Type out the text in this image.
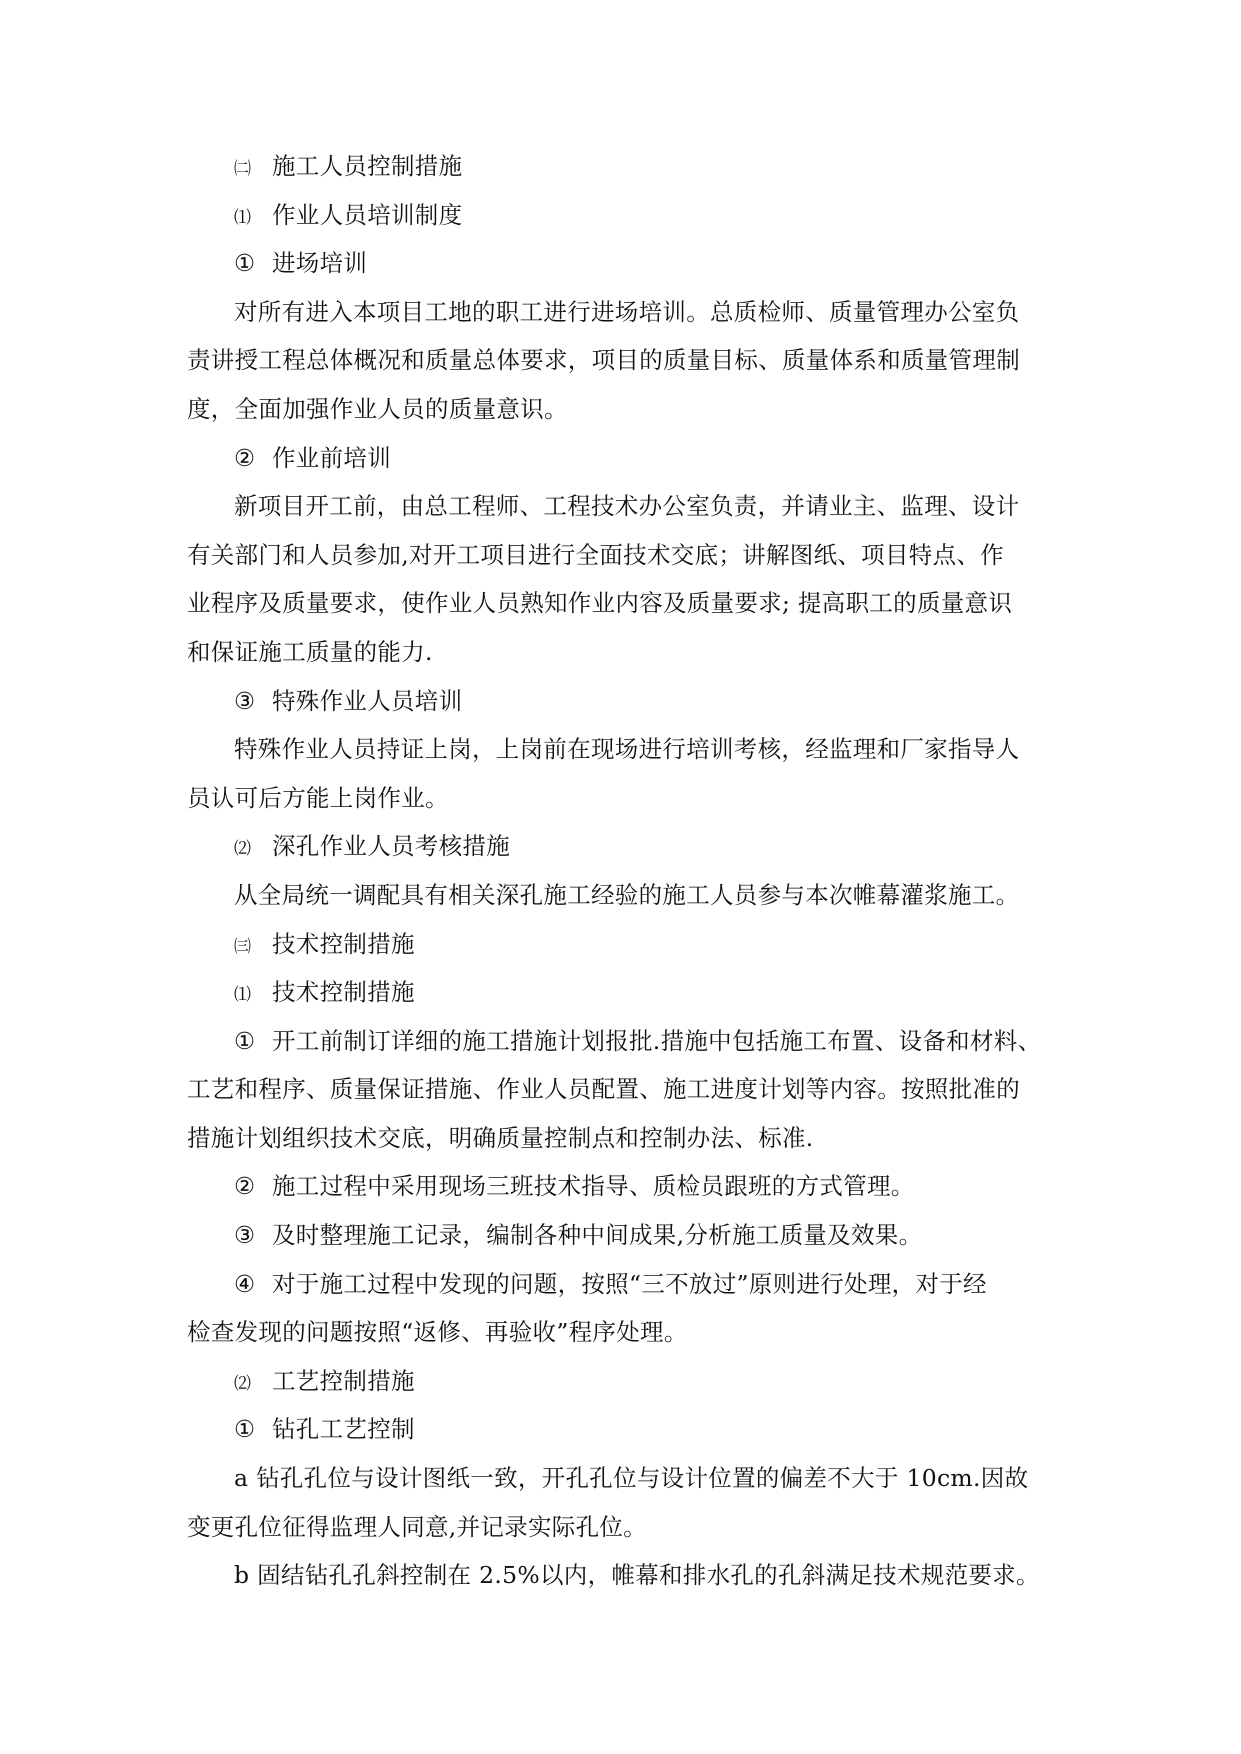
㈡ 施工人员控制措施
⑴ 作业人员培训制度
① 进场培训
对所有进入本项目工地的职工进行进场培训。总质检师、质量管理办公室负
责讲授工程总体概况和质量总体要求，项目的质量目标、质量体系和质量管理制
度，全面加强作业人员的质量意识。
② 作业前培训
新项目开工前，由总工程师、工程技术办公室负责，并请业主、监理、设计
有关部门和人员参加,对开工项目进行全面技术交底；讲解图纸、项目特点、作
业程序及质量要求，使作业人员熟知作业内容及质量要求; 提高职工的质量意识
和保证施工质量的能力.
③ 特殊作业人员培训
特殊作业人员持证上岗，上岗前在现场进行培训考核，经监理和厂家指导人
员认可后方能上岗作业。
⑵ 深孔作业人员考核措施
从全局统一调配具有相关深孔施工经验的施工人员参与本次帷幕灌浆施工。
㈢ 技术控制措施
⑴ 技术控制措施
① 开工前制订详细的施工措施计划报批.措施中包括施工布置、设备和材料、
工艺和程序、质量保证措施、作业人员配置、施工进度计划等内容。按照批准的
措施计划组织技术交底，明确质量控制点和控制办法、标准.
② 施工过程中采用现场三班技术指导、质检员跟班的方式管理。
③ 及时整理施工记录，编制各种中间成果,分析施工质量及效果。
④ 对于施工过程中发现的问题，按照“三不放过”原则进行处理，对于经
检查发现的问题按照“返修、再验收”程序处理。
⑵ 工艺控制措施
① 钻孔工艺控制
a 钻孔孔位与设计图纸一致，开孔孔位与设计位置的偏差不大于 10cm.因故
变更孔位征得监理人同意,并记录实际孔位。
b 固结钻孔孔斜控制在 2.5%以内，帷幕和排水孔的孔斜满足技术规范要求。
